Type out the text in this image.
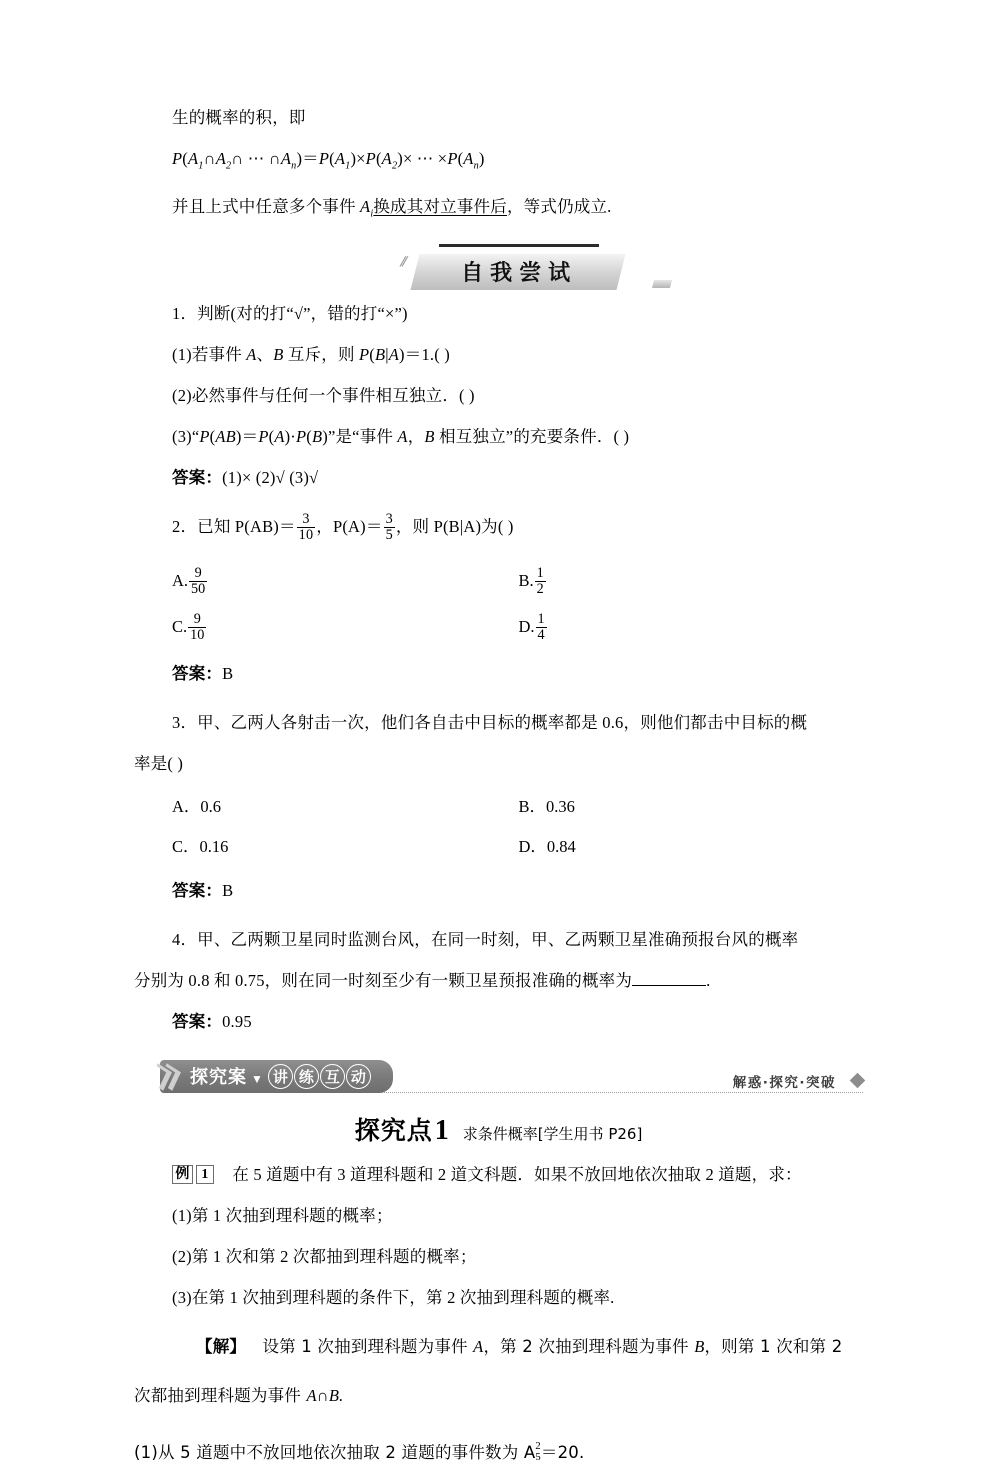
生的概率的积，即
$P(A_1\cap A_2\cap$ ⋯ $\cap A_n)=P(A_1)\times P(A_2)\times$ ⋯ $\times P(A_n)$
并且上式中任意多个事件 $A_i$换成其对立事件后，等式仍成立.
⫽ 自我尝试
1．判断(对的打“√”，错的打“×”)
(1)若事件 A、B 互斥，则 P(B|A)＝1.( )
(2)必然事件与任何一个事件相互独立．( )
(3)“P(AB)＝P(A)·P(B)”是“事件 A，B 相互独立”的充要条件．( )
答案：(1)× (2)√ (3)√
2．已知 $P(AB)= \frac{3}{10}$ ，$P(A)= \frac{3}{5}$ ，则 P(B|A)为( )
A. $\frac{9}{50}$	B. $\frac{1}{2}$
C. $\frac{9}{10}$	D. $\frac{1}{4}$
答案：B
3．甲、乙两人各射击一次，他们各自击中目标的概率都是 0.6，则他们都击中目标的概
率是( )
A．0.6	B．0.36
C．0.16	D．0.84
答案：B
4．甲、乙两颗卫星同时监测台风，在同一时刻，甲、乙两颗卫星准确预报台风的概率
分别为 0.8 和 0.75，则在同一时刻至少有一颗卫星预报准确的概率为	.
答案：0.95
探究案 ▼ 讲 练 互 动	解惑·探究·突破
探究点 1 求条件概率[学生用书 P26]
例 1	在 5 道题中有 3 道理科题和 2 道文科题．如果不放回地依次抽取 2 道题，求：
(1)第 1 次抽到理科题的概率；
(2)第 1 次和第 2 次都抽到理科题的概率；
(3)在第 1 次抽到理科题的条件下，第 2 次抽到理科题的概率.
【解】 设第 1 次抽到理科题为事件 A，第 2 次抽到理科题为事件 B，则第 1 次和第 2
次都抽到理科题为事件 A∩B.
(1)从 5 道题中不放回地依次抽取 2 道题的事件数为 A 2
5 ＝20.
